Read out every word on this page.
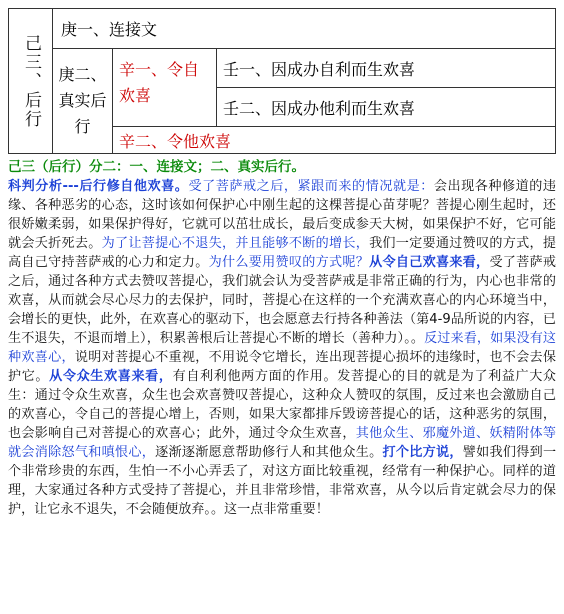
己三、后行
庚一、连接文
庚二、真实后行
辛一、令自欢喜
壬一、因成办自利而生欢喜
壬二、因成办他利而生欢喜
辛二、令他欢喜
己三（后行）分二：一、连接文；二、真实后行。
科判分析---后行修自他欢喜。受了菩萨戒之后，紧跟而来的情况就是：会出现各种修道的违缘、各种恶劣的心态，这时该如何保护心中刚生起的这棵菩提心苗芽呢？菩提心刚生起时，还很娇嫩柔弱，如果保护得好，它就可以茁壮成长，最后变成参天大树，如果保护不好，它可能就会夭折死去。为了让菩提心不退失，并且能够不断的增长，我们一定要通过赞叹的方式，提高自己守持菩萨戒的心力和定力。为什么要用赞叹的方式呢？从令自己欢喜来看，受了菩萨戒之后，通过各种方式去赞叹菩提心，我们就会认为受菩萨戒是非常正确的行为，内心也非常的欢喜，从而就会尽心尽力的去保护，同时，菩提心在这样的一个充满欢喜心的内心环境当中，会增长的更快，此外，在欢喜心的驱动下，也会愿意去行持各种善法（第4-9品所说的内容，已生不退失，不退而增上），积累善根后让菩提心不断的增长（善种力）。。反过来看，如果没有这种欢喜心，说明对菩提心不重视，不用说令它增长，连出现菩提心损坏的违缘时，也不会去保护它。从令众生欢喜来看，有自利利他两方面的作用。发菩提心的目的就是为了利益广大众生：通过令众生欢喜，众生也会欢喜赞叹菩提心，这种众人赞叹的氛围，反过来也会激励自己的欢喜心，令自己的菩提心增上，否则，如果大家都排斥毁谤菩提心的话，这种恶劣的氛围，也会影响自己对菩提心的欢喜心；此外，通过令众生欢喜，其他众生、邪魔外道、妖精附体等就会消除怒气和嗔恨心，逐渐逐渐愿意帮助修行人和其他众生。打个比方说，譬如我们得到一个非常珍贵的东西，生怕一不小心弄丢了，对这方面比较重视，经常有一种保护心。同样的道理，大家通过各种方式受持了菩提心，并且非常珍惜，非常欢喜，从今以后肯定就会尽力的保护，让它永不退失，不会随便放弃。。这一点非常重要！
